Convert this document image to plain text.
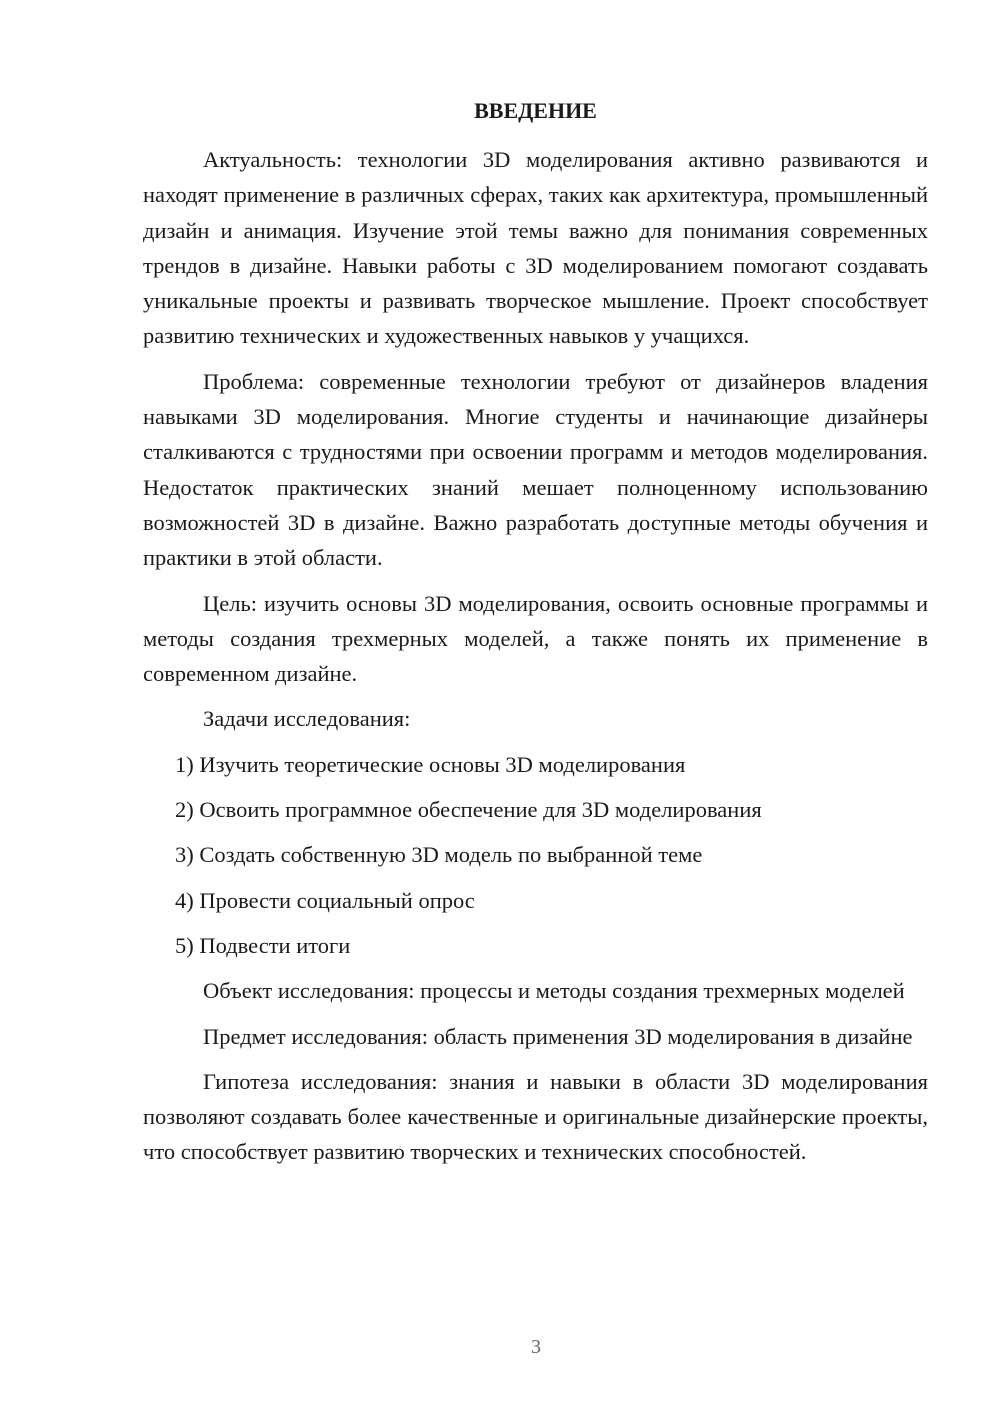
ВВЕДЕНИЕ

Актуальность: технологии 3D моделирования активно развиваются и находят применение в различных сферах, таких как архитектура, промышленный дизайн и анимация. Изучение этой темы важно для понимания современных трендов в дизайне. Навыки работы с 3D моделированием помогают создавать уникальные проекты и развивать творческое мышление. Проект способствует развитию технических и художественных навыков у учащихся.

Проблема: современные технологии требуют от дизайнеров владения навыками 3D моделирования. Многие студенты и начинающие дизайнеры сталкиваются с трудностями при освоении программ и методов моделирования. Недостаток практических знаний мешает полноценному использованию возможностей 3D в дизайне. Важно разработать доступные методы обучения и практики в этой области.

Цель: изучить основы 3D моделирования, освоить основные программы и методы создания трехмерных моделей, а также понять их применение в современном дизайне.

Задачи исследования:

1) Изучить теоретические основы 3D моделирования

2) Освоить программное обеспечение для 3D моделирования

3) Создать собственную 3D модель по выбранной теме

4) Провести социальный опрос

5) Подвести итоги

Объект исследования: процессы и методы создания трехмерных моделей

Предмет исследования: область применения 3D моделирования в дизайне

Гипотеза исследования: знания и навыки в области 3D моделирования позволяют создавать более качественные и оригинальные дизайнерские проекты, что способствует развитию творческих и технических способностей.

3
